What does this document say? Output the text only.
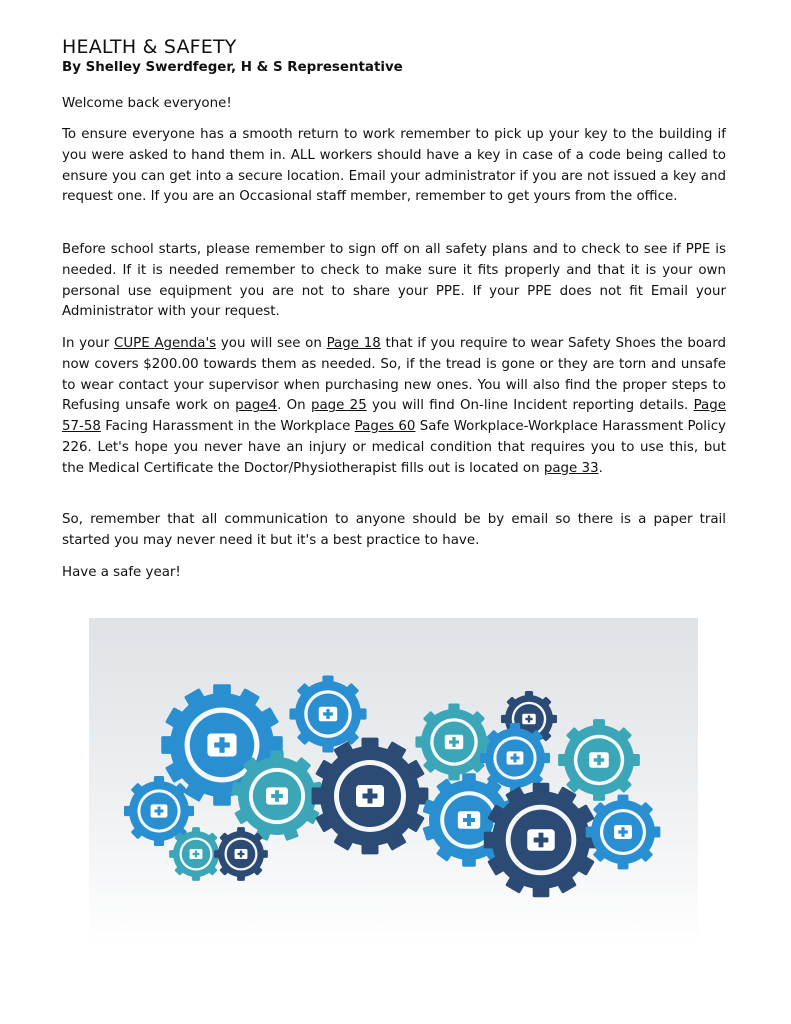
HEALTH & SAFETY

By Shelley Swerdfeger, H & S Representative

Welcome back everyone!

To ensure everyone has a smooth return to work remember to pick up your key to the building if you were asked to hand them in. ALL workers should have a key in case of a code being called to ensure you can get into a secure location. Email your administrator if you are not issued a key and request one. If you are an Occasional staff member, remember to get yours from the office.

Before school starts, please remember to sign off on all safety plans and to check to see if PPE is needed. If it is needed remember to check to make sure it fits properly and that it is your own personal use equipment you are not to share your PPE. If your PPE does not fit Email your Administrator with your request.

In your CUPE Agenda's you will see on Page 18 that if you require to wear Safety Shoes the board now covers $200.00 towards them as needed. So, if the tread is gone or they are torn and unsafe to wear contact your supervisor when purchasing new ones. You will also find the proper steps to Refusing unsafe work on page4. On page 25 you will find On-line Incident reporting details. Page 57-58 Facing Harassment in the Workplace Pages 60 Safe Workplace-Workplace Harassment Policy 226. Let's hope you never have an injury or medical condition that requires you to use this, but the Medical Certificate the Doctor/Physiotherapist fills out is located on page 33.

So, remember that all communication to anyone should be by email so there is a paper trail started you may never need it but it's a best practice to have.

Have a safe year!
